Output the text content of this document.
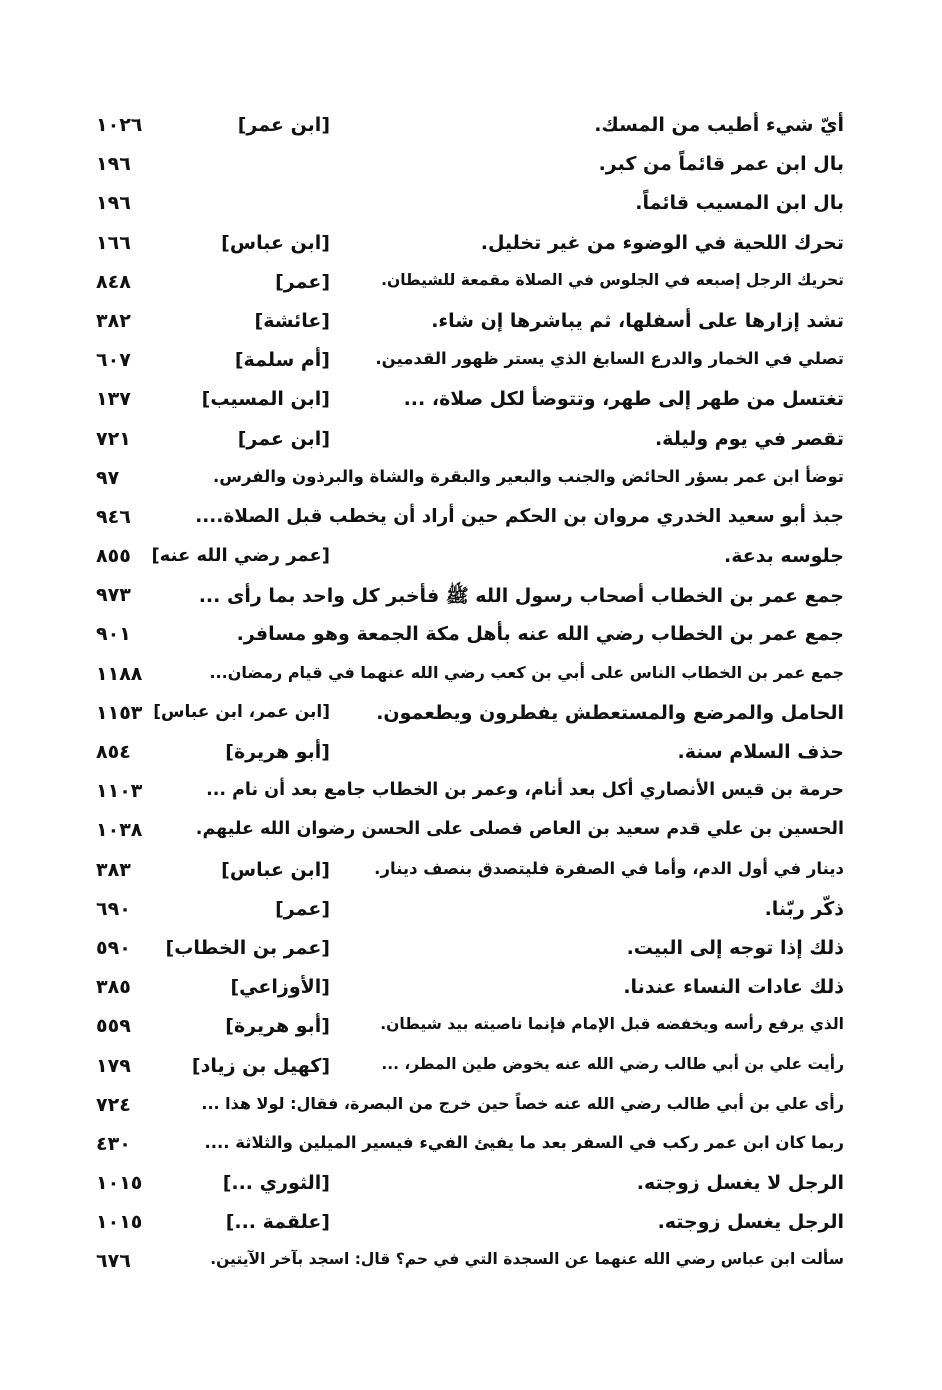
أيّ شيء أطيب من المسك.
[ابن عمر]
١٠٢٦
بال ابن عمر قائماً من كبر.
١٩٦
بال ابن المسيب قائماً.
١٩٦
تحرك اللحية في الوضوء من غير تخليل.
[ابن عباس]
١٦٦
تحريك الرجل إصبعه في الجلوس في الصلاة مقمعة للشيطان.
[عمر]
٨٤٨
تشد إزارها على أسفلها، ثم يباشرها إن شاء.
[عائشة]
٣٨٢
تصلي في الخمار والدرع السابغ الذي يستر ظهور القدمين.
[أم سلمة]
٦٠٧
تغتسل من طهر إلى طهر، وتتوضأ لكل صلاة، ...
[ابن المسيب]
١٣٧
تقصر في يوم وليلة.
[ابن عمر]
٧٢١
توضأ ابن عمر بسؤر الحائض والجنب والبعير والبقرة والشاة والبرذون والفرس.
٩٧
جبذ أبو سعيد الخدري مروان بن الحكم حين أراد أن يخطب قبل الصلاة....
٩٤٦
جلوسه بدعة.
[عمر رضي الله عنه]
٨٥٥
جمع عمر بن الخطاب أصحاب رسول الله ﷺ فأخبر كل واحد بما رأى ...
٩٧٣
جمع عمر بن الخطاب رضي الله عنه بأهل مكة الجمعة وهو مسافر.
٩٠١
جمع عمر بن الخطاب الناس على أبي بن كعب رضي الله عنهما في قيام رمضان...
١١٨٨
الحامل والمرضع والمستعطش يفطرون ويطعمون.
[ابن عمر، ابن عباس]
١١٥٣
حذف السلام سنة.
[أبو هريرة]
٨٥٤
حرمة بن قيس الأنصاري أكل بعد أنام، وعمر بن الخطاب جامع بعد أن نام ...
١١٠٣
الحسين بن علي قدم سعيد بن العاص فصلى على الحسن رضوان الله عليهم.
١٠٣٨
دينار في أول الدم، وأما في الصفرة فليتصدق بنصف دينار.
[ابن عباس]
٣٨٣
ذكّر ربّنا.
[عمر]
٦٩٠
ذلك إذا توجه إلى البيت.
[عمر بن الخطاب]
٥٩٠
ذلك عادات النساء عندنا.
[الأوزاعي]
٣٨٥
الذي يرفع رأسه ويخفضه قبل الإمام فإنما ناصيته بيد شيطان.
[أبو هريرة]
٥٥٩
رأيت علي بن أبي طالب رضي الله عنه يخوض طين المطر، ...
[كهيل بن زياد]
١٧٩
رأى علي بن أبي طالب رضي الله عنه خصاً حين خرج من البصرة، فقال: لولا هذا ...
٧٢٤
ربما كان ابن عمر ركب في السفر بعد ما يفيئ الفيء فيسير الميلين والثلاثة ....
٤٣٠
الرجل لا يغسل زوجته.
[الثوري ...]
١٠١٥
الرجل يغسل زوجته.
[علقمة ...]
١٠١٥
سألت ابن عباس رضي الله عنهما عن السجدة التي في حم؟ قال: اسجد بآخر الآيتين.
٦٧٦
